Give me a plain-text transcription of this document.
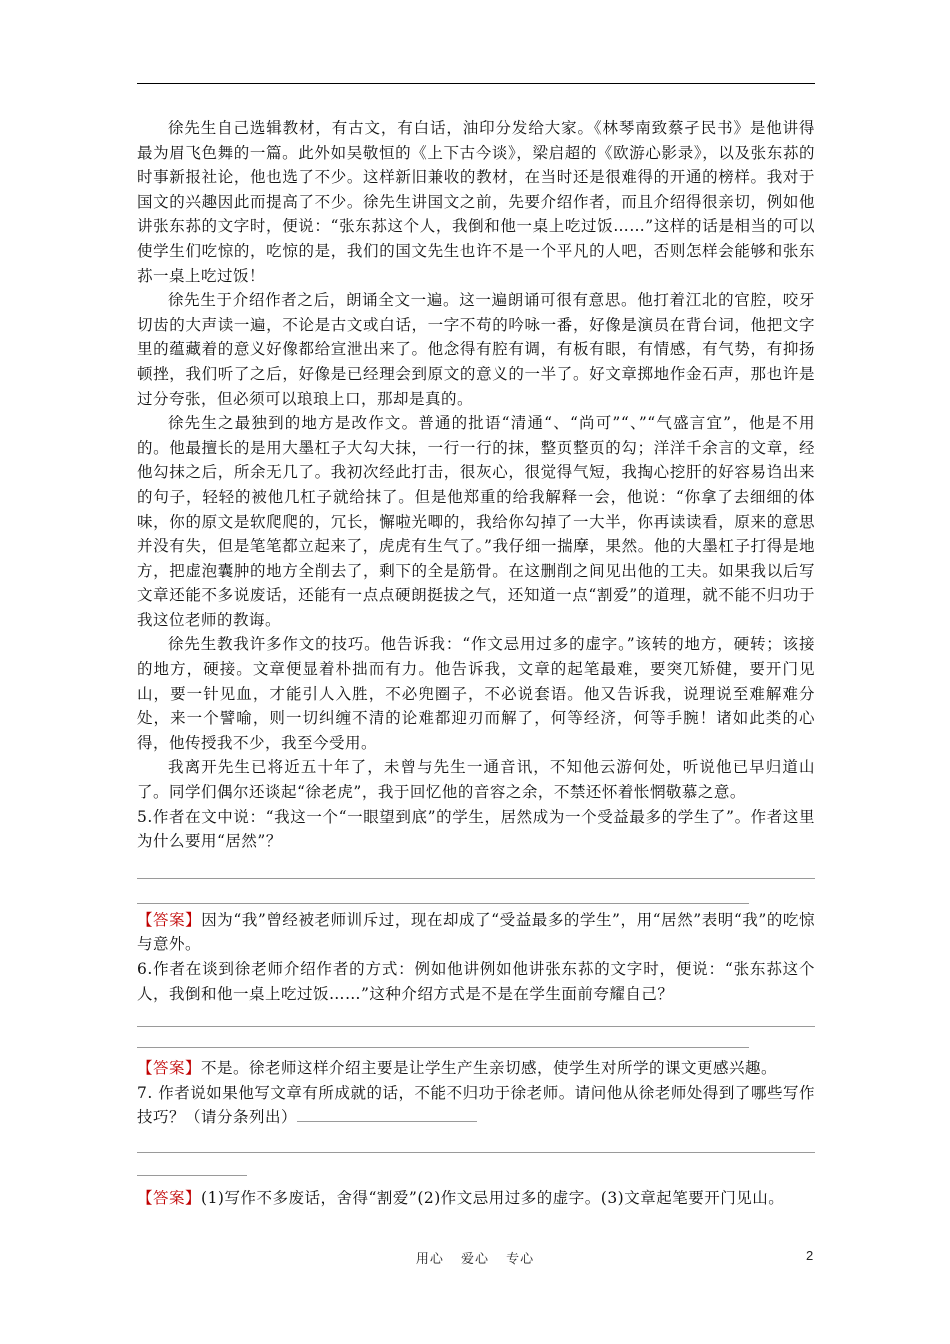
徐先生自己选辑教材，有古文，有白话，油印分发给大家。《林琴南致蔡孑民书》是他讲得最为眉飞色舞的一篇。此外如吴敬恒的《上下古今谈》，梁启超的《欧游心影录》，以及张东荪的时事新报社论，他也选了不少。这样新旧兼收的教材，在当时还是很难得的开通的榜样。我对于国文的兴趣因此而提高了不少。徐先生讲国文之前，先要介绍作者，而且介绍得很亲切，例如他讲张东荪的文字时，便说：“张东荪这个人，我倒和他一桌上吃过饭……”这样的话是相当的可以使学生们吃惊的，吃惊的是，我们的国文先生也许不是一个平凡的人吧，否则怎样会能够和张东荪一桌上吃过饭！

徐先生于介绍作者之后，朗诵全文一遍。这一遍朗诵可很有意思。他打着江北的官腔，咬牙切齿的大声读一遍，不论是古文或白话，一字不苟的吟咏一番，好像是演员在背台词，他把文字里的蕴藏着的意义好像都给宣泄出来了。他念得有腔有调，有板有眼，有情感，有气势，有抑扬顿挫，我们听了之后，好像是已经理会到原文的意义的一半了。好文章掷地作金石声，那也许是过分夸张，但必须可以琅琅上口，那却是真的。

徐先生之最独到的地方是改作文。普通的批语“清通“、“尚可”“、”“气盛言宜”，他是不用的。他最擅长的是用大墨杠子大勾大抹，一行一行的抹，整页整页的勾；洋洋千余言的文章，经他勾抹之后，所余无几了。我初次经此打击，很灰心，很觉得气短，我掏心挖肝的好容易诌出来的句子，轻轻的被他几杠子就给抹了。但是他郑重的给我解释一会，他说：“你拿了去细细的体味，你的原文是软爬爬的，冗长，懈啦光唧的，我给你勾掉了一大半，你再读读看，原来的意思并没有失，但是笔笔都立起来了，虎虎有生气了。”我仔细一揣摩，果然。他的大墨杠子打得是地方，把虚泡囊肿的地方全削去了，剩下的全是筋骨。在这删削之间见出他的工夫。如果我以后写文章还能不多说废话，还能有一点点硬朗挺拔之气，还知道一点“割爱”的道理，就不能不归功于我这位老师的教诲。

徐先生教我许多作文的技巧。他告诉我：“作文忌用过多的虚字。”该转的地方，硬转；该接的地方，硬接。文章便显着朴拙而有力。他告诉我，文章的起笔最难，要突兀矫健，要开门见山，要一针见血，才能引人入胜，不必兜圈子，不必说套语。他又告诉我，说理说至难解难分处，来一个譬喻，则一切纠缠不清的论难都迎刃而解了，何等经济，何等手腕！诸如此类的心得，他传授我不少，我至今受用。

我离开先生已将近五十年了，未曾与先生一通音讯，不知他云游何处，听说他已早归道山了。同学们偶尔还谈起“徐老虎”，我于回忆他的音容之余，不禁还怀着怅惘敬慕之意。

5.作者在文中说：“我这一个“一眼望到底”的学生，居然成为一个受益最多的学生了”。作者这里为什么要用“居然”？

【答案】因为“我”曾经被老师训斥过，现在却成了“受益最多的学生”，用“居然”表明“我”的吃惊与意外。

6.作者在谈到徐老师介绍作者的方式：例如他讲例如他讲张东荪的文字时，便说：“张东荪这个人，我倒和他一桌上吃过饭……”这种介绍方式是不是在学生面前夸耀自己？

【答案】不是。徐老师这样介绍主要是让学生产生亲切感，使学生对所学的课文更感兴趣。

7. 作者说如果他写文章有所成就的话，不能不归功于徐老师。请问他从徐老师处得到了哪些写作技巧？（请分条列出）

【答案】(1)写作不多废话，舍得“割爱”(2)作文忌用过多的虚字。(3)文章起笔要开门见山。

用心 爱心 专心	2
